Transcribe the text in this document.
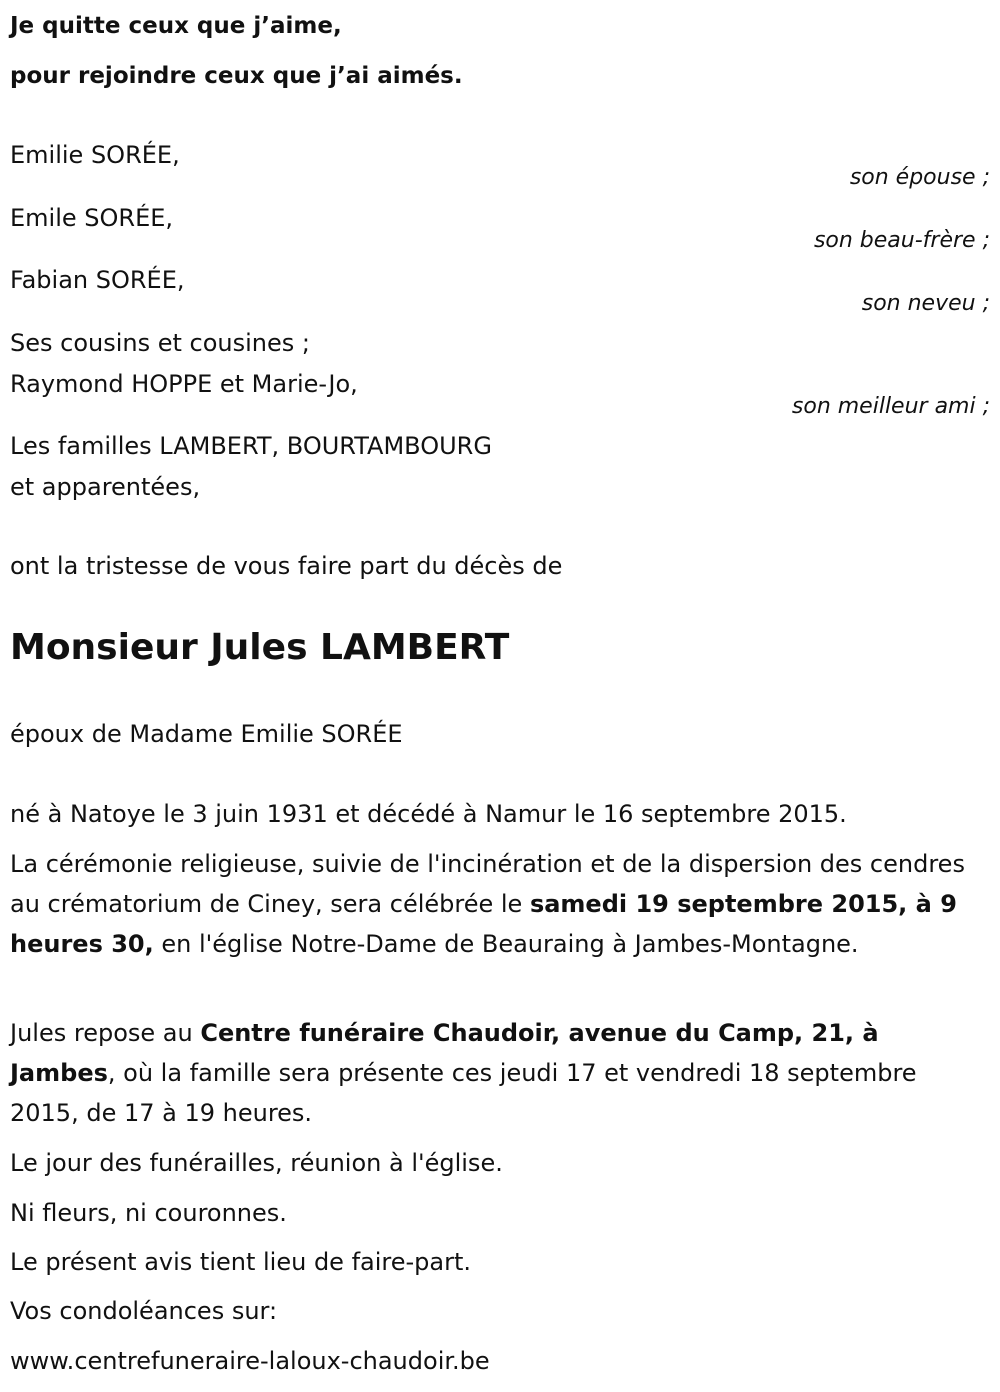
Je quitte ceux que j’aime,

pour rejoindre ceux que j’ai aimés.

Emilie SORÉE,

son épouse ;

Emile SORÉE,

son beau-frère ;

Fabian SORÉE,

son neveu ;

Ses cousins et cousines ;

Raymond HOPPE et Marie-Jo,

son meilleur ami ;

Les familles LAMBERT, BOURTAMBOURG

et apparentées,

ont la tristesse de vous faire part du décès de

Monsieur Jules LAMBERT

époux de Madame Emilie SORÉE

né à Natoye le 3 juin 1931 et décédé à Namur le 16 septembre 2015.

La cérémonie religieuse, suivie de l'incinération et de la dispersion des cendres au crématorium de Ciney, sera célébrée le samedi 19 septembre 2015, à 9 heures 30, en l'église Notre-Dame de Beauraing à Jambes-Montagne.

Jules repose au Centre funéraire Chaudoir, avenue du Camp, 21, à Jambes, où la famille sera présente ces jeudi 17 et vendredi 18 septembre 2015, de 17 à 19 heures.

Le jour des funérailles, réunion à l'église.

Ni fleurs, ni couronnes.

Le présent avis tient lieu de faire-part.

Vos condoléances sur:

www.centrefuneraire-laloux-chaudoir.be
